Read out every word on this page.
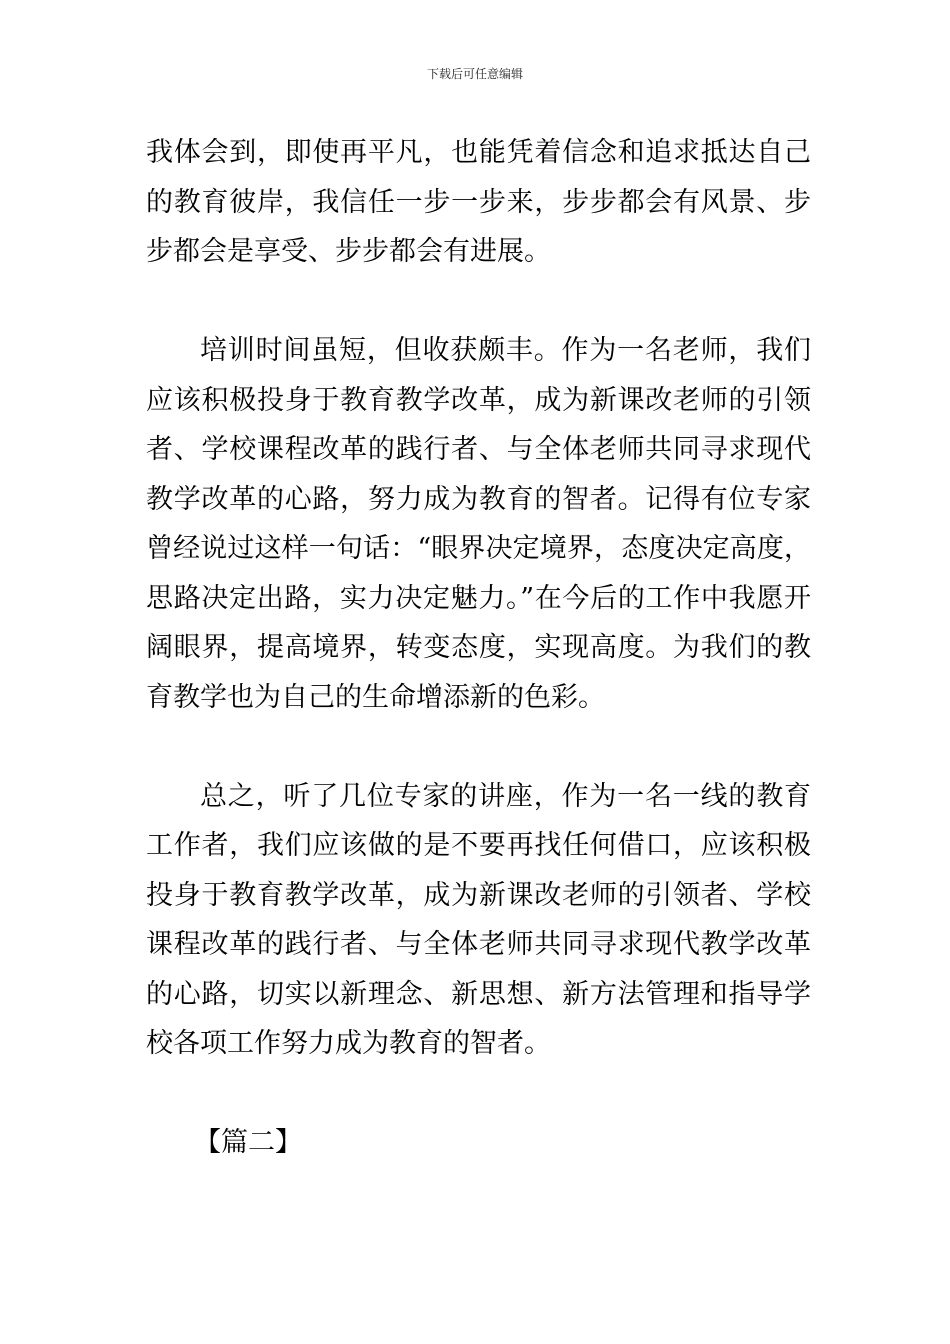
下载后可任意编辑

我体会到，即使再平凡，也能凭着信念和追求抵达自己的教育彼岸，我信任一步一步来，步步都会有风景、步步都会是享受、步步都会有进展。

培训时间虽短，但收获颇丰。作为一名老师，我们应该积极投身于教育教学改革，成为新课改老师的引领者、学校课程改革的践行者、与全体老师共同寻求现代教学改革的心路，努力成为教育的智者。记得有位专家曾经说过这样一句话：“眼界决定境界，态度决定高度，思路决定出路，实力决定魅力。”在今后的工作中我愿开阔眼界，提高境界，转变态度，实现高度。为我们的教育教学也为自己的生命增添新的色彩。

总之，听了几位专家的讲座，作为一名一线的教育工作者，我们应该做的是不要再找任何借口，应该积极投身于教育教学改革，成为新课改老师的引领者、学校课程改革的践行者、与全体老师共同寻求现代教学改革的心路，切实以新理念、新思想、新方法管理和指导学校各项工作努力成为教育的智者。

【篇二】
